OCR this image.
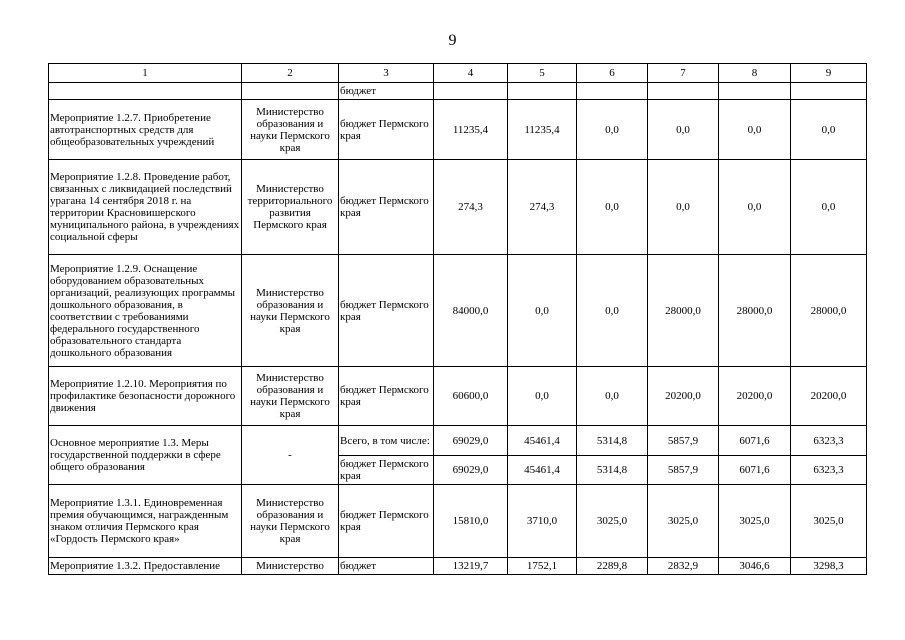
9
1	2	3	4	5	6	7	8	9
		бюджет						
Мероприятие 1.2.7. Приобретение автотранспортных средств для общеобразовательных учреждений	Министерство образования и науки Пермского края	бюджет Пермского края	11235,4	11235,4	0,0	0,0	0,0	0,0
Мероприятие 1.2.8. Проведение работ, связанных с ликвидацией последствий урагана 14 сентября 2018 г. на территории Красновишерского муниципального района, в учреждениях социальной сферы	Министерство территориального развития Пермского края	бюджет Пермского края	274,3	274,3	0,0	0,0	0,0	0,0
Мероприятие 1.2.9. Оснащение оборудованием образовательных организаций, реализующих программы дошкольного образования, в соответствии с требованиями федерального государственного образовательного стандарта дошкольного образования	Министерство образования и науки Пермского края	бюджет Пермского края	84000,0	0,0	0,0	28000,0	28000,0	28000,0
Мероприятие 1.2.10. Мероприятия по профилактике безопасности дорожного движения	Министерство образования и науки Пермского края	бюджет Пермского края	60600,0	0,0	0,0	20200,0	20200,0	20200,0
Основное мероприятие 1.3. Меры государственной поддержки в сфере общего образования	-	Всего, в том числе:	69029,0	45461,4	5314,8	5857,9	6071,6	6323,3
		бюджет Пермского края	69029,0	45461,4	5314,8	5857,9	6071,6	6323,3
Мероприятие 1.3.1. Единовременная премия обучающимся, награжденным знаком отличия Пермского края «Гордость Пермского края»	Министерство образования и науки Пермского края	бюджет Пермского края	15810,0	3710,0	3025,0	3025,0	3025,0	3025,0
Мероприятие 1.3.2. Предоставление	Министерство	бюджет	13219,7	1752,1	2289,8	2832,9	3046,6	3298,3
